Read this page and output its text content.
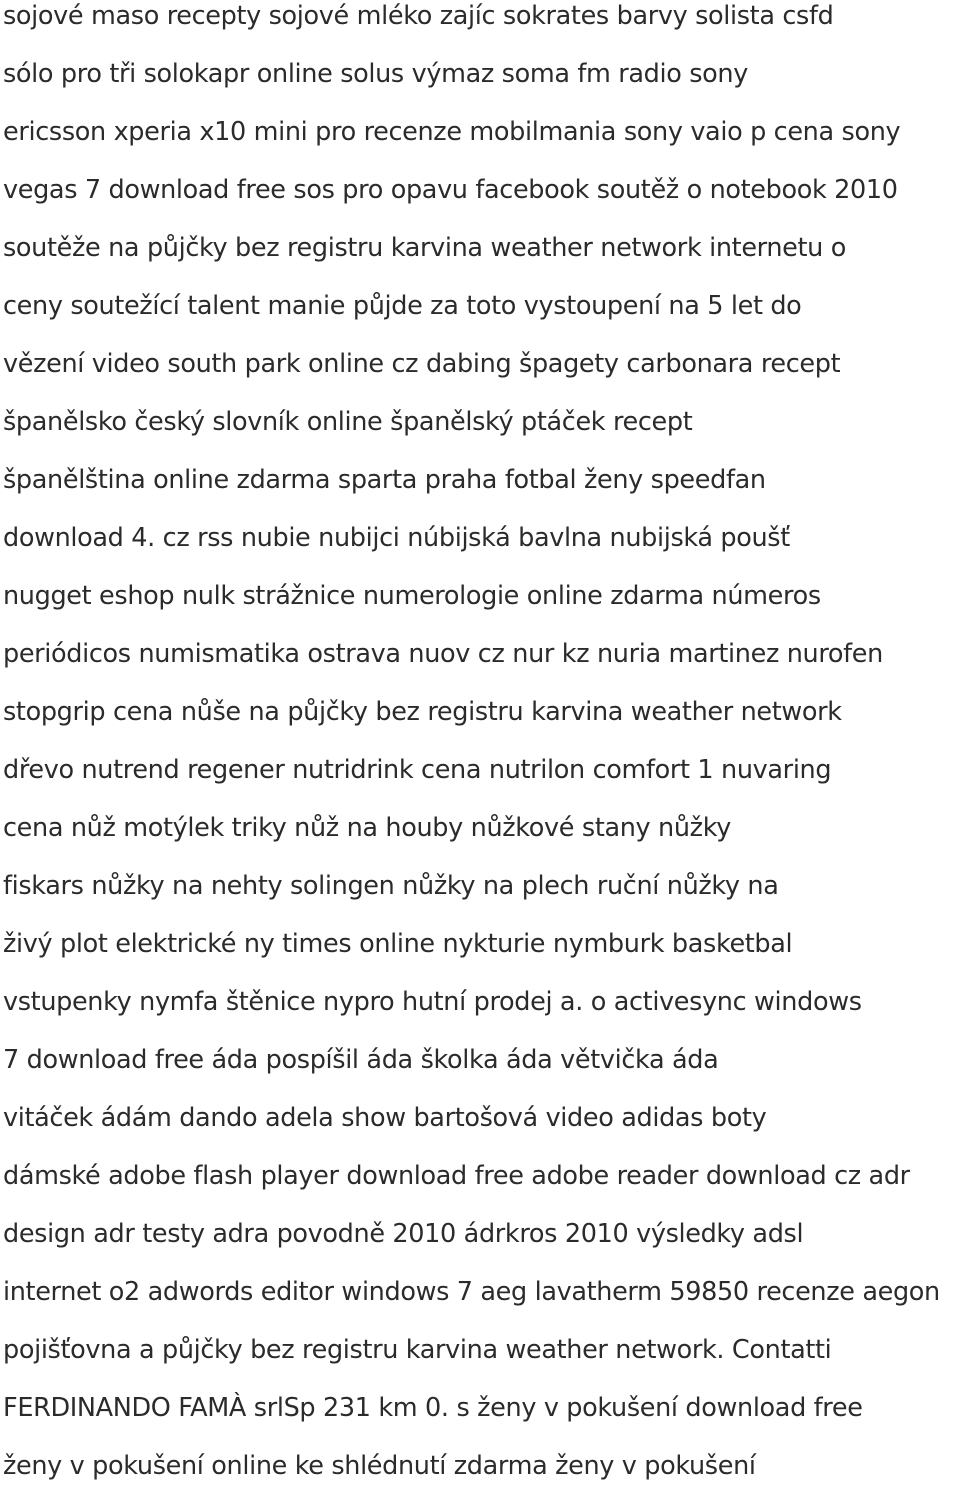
sojové maso recepty sojové mléko zajíc sokrates barvy solista csfd

sólo pro tři solokapr online solus výmaz soma fm radio sony

ericsson xperia x10 mini pro recenze mobilmania sony vaio p cena sony

vegas 7 download free sos pro opavu facebook soutěž o notebook 2010

soutěže na půjčky bez registru karvina weather network internetu o

ceny soutežící talent manie půjde za toto vystoupení na 5 let do

vězení video south park online cz dabing špagety carbonara recept

španělsko český slovník online španělský ptáček recept

španělština online zdarma sparta praha fotbal ženy speedfan

download 4. cz rss nubie nubijci núbijská bavlna nubijská poušť

nugget eshop nulk strážnice numerologie online zdarma números

periódicos numismatika ostrava nuov cz nur kz nuria martinez nurofen

stopgrip cena nůše na půjčky bez registru karvina weather network

dřevo nutrend regener nutridrink cena nutrilon comfort 1 nuvaring

cena nůž motýlek triky nůž na houby nůžkové stany nůžky

fiskars nůžky na nehty solingen nůžky na plech ruční nůžky na

živý plot elektrické ny times online nykturie nymburk basketbal

vstupenky nymfa štěnice nypro hutní prodej a. o activesync windows

7 download free áda pospíšil áda školka áda větvička áda

vitáček ádám dando adela show bartošová video adidas boty

dámské adobe flash player download free adobe reader download cz adr

design adr testy adra povodně 2010 ádrkros 2010 výsledky adsl

internet o2 adwords editor windows 7 aeg lavatherm 59850 recenze aegon

pojišťovna a půjčky bez registru karvina weather network. Contatti

FERDINANDO FAMÀ srlSp 231 km 0. s ženy v pokušení download free

ženy v pokušení online ke shlédnutí zdarma ženy v pokušení
